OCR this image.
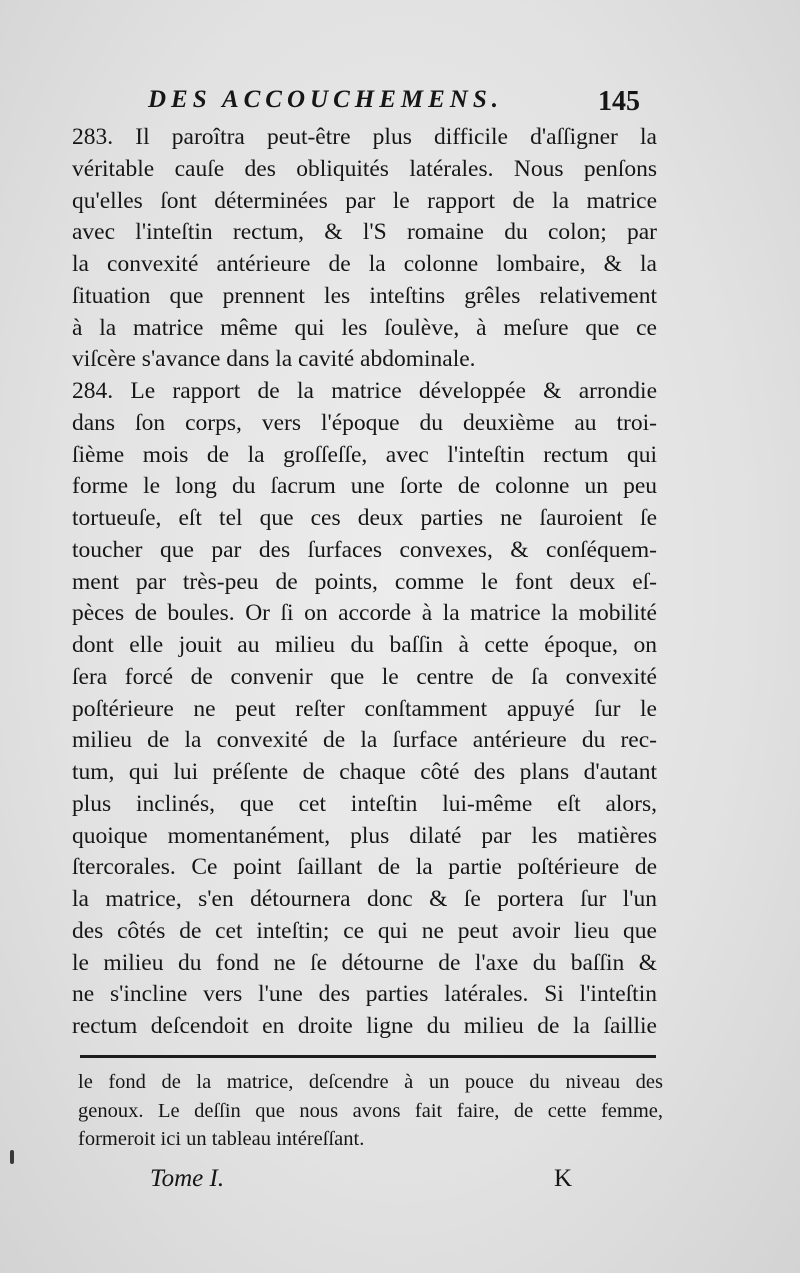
DES ACCOUCHEMENS.	145
283. Il paroîtra peut-être plus difficile d'aſſigner la
véritable cauſe des obliquités latérales. Nous penſons
qu'elles ſont déterminées par le rapport de la matrice
avec l'inteſtin rectum, & l'S romaine du colon; par
la convexité antérieure de la colonne lombaire, & la
ſituation que prennent les inteſtins grêles relativement
à la matrice même qui les ſoulève, à meſure que ce
viſcère s'avance dans la cavité abdominale.
284. Le rapport de la matrice développée & arrondie
dans ſon corps, vers l'époque du deuxième au troi-
ſième mois de la groſſeſſe, avec l'inteſtin rectum qui
forme le long du ſacrum une ſorte de colonne un peu
tortueuſe, eſt tel que ces deux parties ne ſauroient ſe
toucher que par des ſurfaces convexes, & conſéquem-
ment par très-peu de points, comme le font deux eſ-
pèces de boules. Or ſi on accorde à la matrice la mobilité
dont elle jouit au milieu du baſſin à cette époque, on
ſera forcé de convenir que le centre de ſa convexité
poſtérieure ne peut reſter conſtamment appuyé ſur le
milieu de la convexité de la ſurface antérieure du rec-
tum, qui lui préſente de chaque côté des plans d'autant
plus inclinés, que cet inteſtin lui-même eſt alors,
quoique momentanément, plus dilaté par les matières
ſtercorales. Ce point ſaillant de la partie poſtérieure de
la matrice, s'en détournera donc & ſe portera ſur l'un
des côtés de cet inteſtin; ce qui ne peut avoir lieu que
le milieu du fond ne ſe détourne de l'axe du baſſin &
ne s'incline vers l'une des parties latérales. Si l'inteſtin
rectum deſcendoit en droite ligne du milieu de la ſaillie
le fond de la matrice, deſcendre à un pouce du niveau des
genoux. Le deſſin que nous avons fait faire, de cette femme,
formeroit ici un tableau intéreſſant.
Tome I.	K
